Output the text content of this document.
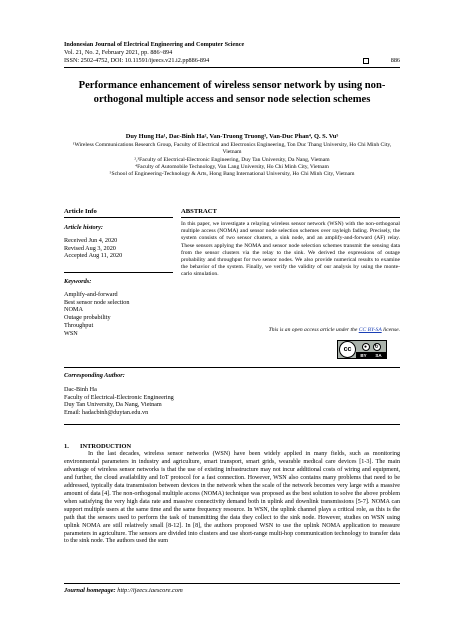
Indonesian Journal of Electrical Engineering and Computer Science
Vol. 21, No. 2, February 2021, pp. 886~894
ISSN: 2502-4752, DOI: 10.11591/ijeecs.v21.i2.pp886-894	886
Performance enhancement of wireless sensor network by using non-orthogonal multiple access and sensor node selection schemes
Duy Hung Ha¹, Dac-Binh Ha², Van-Truong Truong³, Van-Duc Phan⁴, Q. S. Vu⁵
¹Wireless Communications Research Group, Faculty of Electrical and Electronics Engineering, Ton Duc Thang University, Ho Chi Minh City, Vietnam
²,³Faculty of Electrical-Electronic Engineering, Duy Tan University, Da Nang, Vietnam
⁴Faculty of Automobile Technology, Van Lang University, Ho Chi Minh City, Vietnam
⁵School of Engineering-Technology & Arts, Hong Bang International University, Ho Chi Minh City, Vietnam
Article Info	ABSTRACT
Article history:
Received Jun 4, 2020
Revised Aug 3, 2020
Accepted Aug 11, 2020
Keywords:
Amplify-and-forward
Best sensor node selection
NOMA
Outage probability
Throughput
WSN
In this paper, we investigate a relaying wireless sensor network (WSN) with the non-orthogonal multiple access (NOMA) and sensor node selection schemes over rayleigh fading. Precisely, the system consists of two sensor clusters, a sink node, and an amplify-and-forward (AF) relay. These sensors applying the NOMA and sensor node selection schemes transmit the sensing data from the sensor clusters via the relay to the sink. We derived the expressions of outage probability and throughput for two sensor nodes. We also provide numerical results to examine the behavior of the system. Finally, we verify the validity of our analysis by using the monte-carlo simulation.
This is an open access article under the CC BY-SA license.
cc	●	↻
BY SA
Corresponding Author:
Dac-Binh Ha
Faculty of Electrical-Electronic Engineering
Duy Tan University, Da Nang, Vietnam
Email: hadacbinh@duytan.edu.vn
1. INTRODUCTION
In the last decades, wireless sensor networks (WSN) have been widely applied in many fields, such as monitoring environmental parameters in industry and agriculture, smart transport, smart grids, wearable medical care devices [1-3]. The main advantage of wireless sensor networks is that the use of existing infrastructure may not incur additional costs of wiring and equipment, and further, the cloud availability and IoT protocol for a fast connection. However, WSN also contains many problems that need to be addressed, typically data transmission between devices in the network when the scale of the network becomes very large with a massive amount of data [4]. The non-orthogonal multiple access (NOMA) technique was proposed as the best solution to solve the above problem when satisfying the very high data rate and massive connectivity demand both in uplink and downlink transmissions [5-7]. NOMA can support multiple users at the same time and the same frequency resource. In WSN, the uplink channel plays a critical role, as this is the path that the sensors used to perform the task of transmitting the data they collect to the sink node. However, studies on WSN using uplink NOMA are still relatively small [8-12]. In [8], the authors proposed WSN to use the uplink NOMA application to measure parameters in agriculture. The sensors are divided into clusters and use short-range multi-hop communication technology to transfer data to the sink node. The authors used the sum
Journal homepage: http://ijeecs.iaescore.com
